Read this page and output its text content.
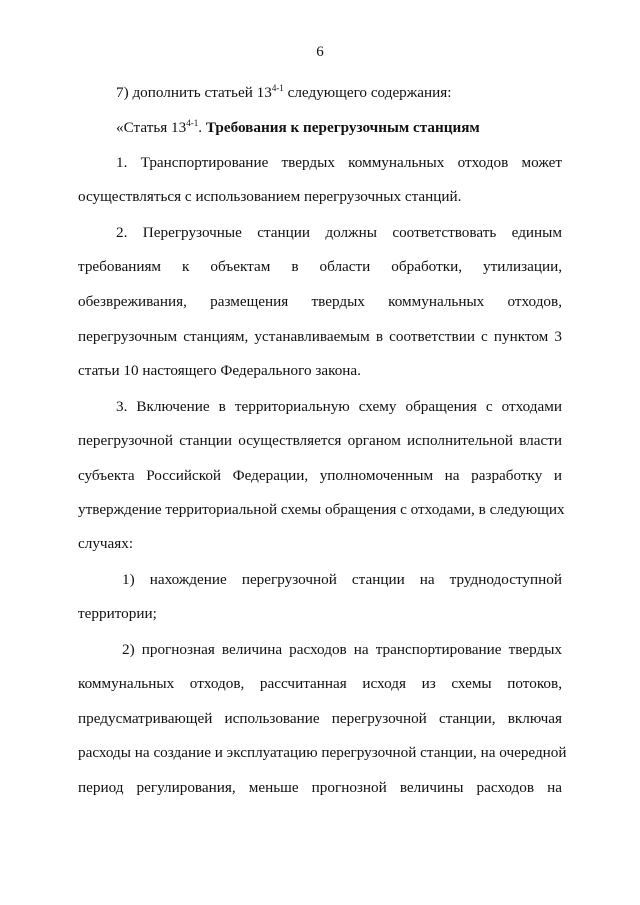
6
7) дополнить статьей 13$^{4-1}$ следующего содержания:
«Статья 13$^{4-1}$. Требования к перегрузочным станциям
1. Транспортирование твердых коммунальных отходов может
осуществляться с использованием перегрузочных станций.
2. Перегрузочные станции должны соответствовать единым
требованиям к объектам в области обработки, утилизации,
обезвреживания, размещения твердых коммунальных отходов,
перегрузочным станциям, устанавливаемым в соответствии с пунктом 3
статьи 10 настоящего Федерального закона.
3. Включение в территориальную схему обращения с отходами
перегрузочной станции осуществляется органом исполнительной власти
субъекта Российской Федерации, уполномоченным на разработку и
утверждение территориальной схемы обращения с отходами, в следующих
случаях:
1) нахождение перегрузочной станции на труднодоступной
территории;
2) прогнозная величина расходов на транспортирование твердых
коммунальных отходов, рассчитанная исходя из схемы потоков,
предусматривающей использование перегрузочной станции, включая
расходы на создание и эксплуатацию перегрузочной станции, на очередной
период регулирования, меньше прогнозной величины расходов на
